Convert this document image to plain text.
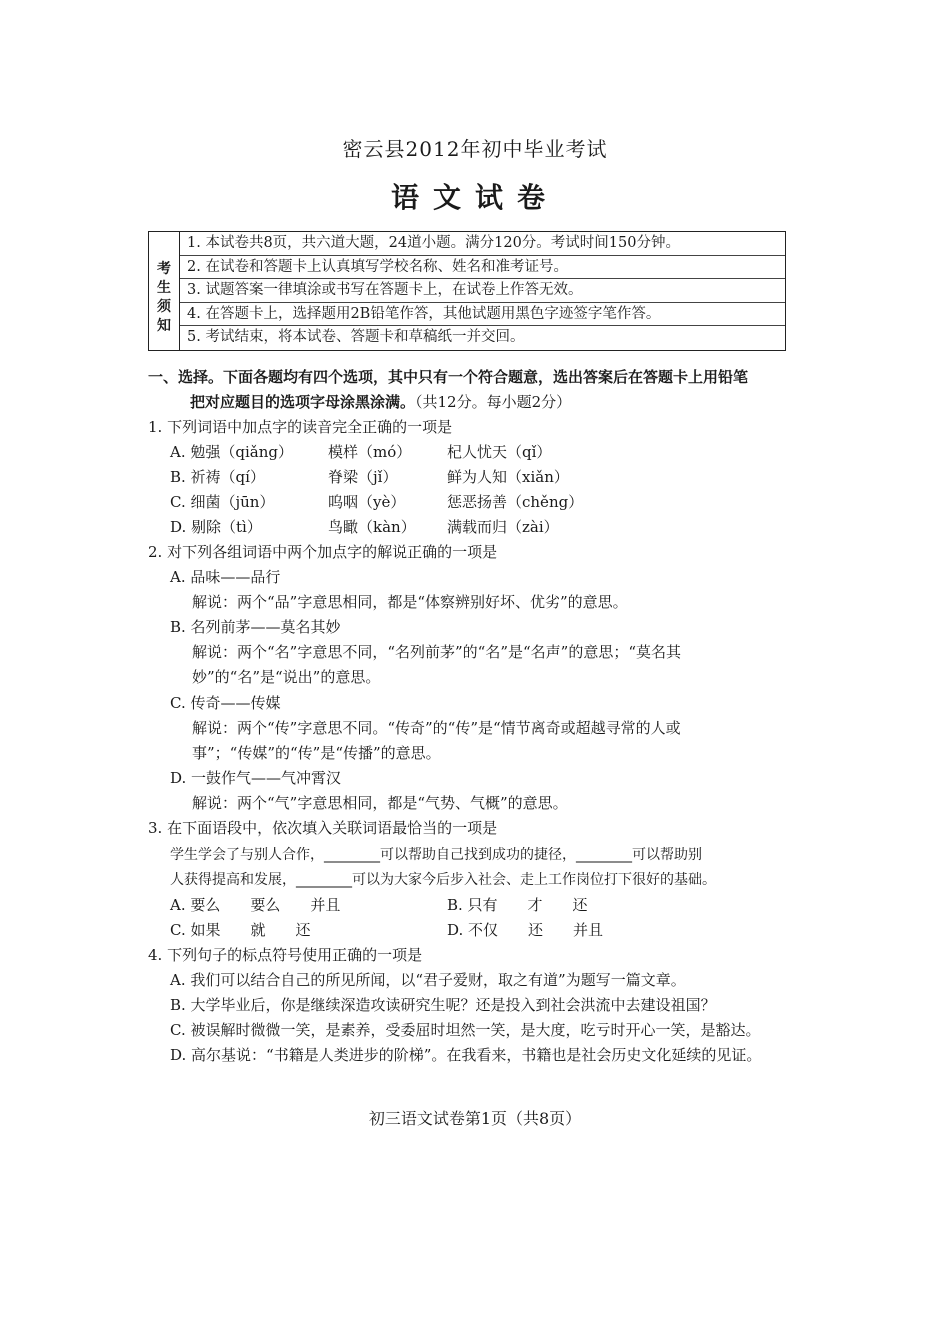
密云县2012年初中毕业考试
语文试卷
考
生
须
知
1. 本试卷共8页，共六道大题，24道小题。满分120分。考试时间150分钟。
2. 在试卷和答题卡上认真填写学校名称、姓名和准考证号。
3. 试题答案一律填涂或书写在答题卡上，在试卷上作答无效。
4. 在答题卡上，选择题用2B铅笔作答，其他试题用黑色字迹签字笔作答。
5. 考试结束，将本试卷、答题卡和草稿纸一并交回。
一、选择。下面各题均有四个选项，其中只有一个符合题意，选出答案后在答题卡上用铅笔
把对应题目的选项字母涂黑涂满。（共12分。每小题2分）
1. 下列词语中加点字的读音完全正确的一项是
A. 勉强（qiǎng） 模样（mó） 杞人忧天（qǐ）
B. 祈祷（qí）	脊梁（jǐ）	鲜为人知（xiǎn）
C. 细菌（jūn）	呜咽（yè）	惩恶扬善（chěng）
D. 剔除（tì）	鸟瞰（kàn） 满载而归（zài）
2. 对下列各组词语中两个加点字的解说正确的一项是
A. 品味——品行
解说：两个“品”字意思相同，都是“体察辨别好坏、优劣”的意思。
B. 名列前茅——莫名其妙
解说：两个“名”字意思不同，“名列前茅”的“名”是“名声”的意思；“莫名其
妙”的“名”是“说出”的意思。
C. 传奇——传媒
解说：两个“传”字意思不同。“传奇”的“传”是“情节离奇或超越寻常的人或
事”；“传媒”的“传”是“传播”的意思。
D. 一鼓作气——气冲霄汉
解说：两个“气”字意思相同，都是“气势、气概”的意思。
3. 在下面语段中，依次填入关联词语最恰当的一项是
学生学会了与别人合作，________可以帮助自己找到成功的捷径，________可以帮助别
人获得提高和发展，________可以为大家今后步入社会、走上工作岗位打下很好的基础。
A. 要么　　要么　　并且	B. 只有　　才　　还
C. 如果　　就　　还	D. 不仅　　还　　并且
4. 下列句子的标点符号使用正确的一项是
A. 我们可以结合自己的所见所闻，以“君子爱财，取之有道”为题写一篇文章。
B. 大学毕业后，你是继续深造攻读研究生呢？还是投入到社会洪流中去建设祖国？
C. 被误解时微微一笑，是素养，受委屈时坦然一笑，是大度，吃亏时开心一笑，是豁达。
D. 高尔基说：“书籍是人类进步的阶梯”。在我看来，书籍也是社会历史文化延续的见证。
初三语文试卷第1页（共8页）
